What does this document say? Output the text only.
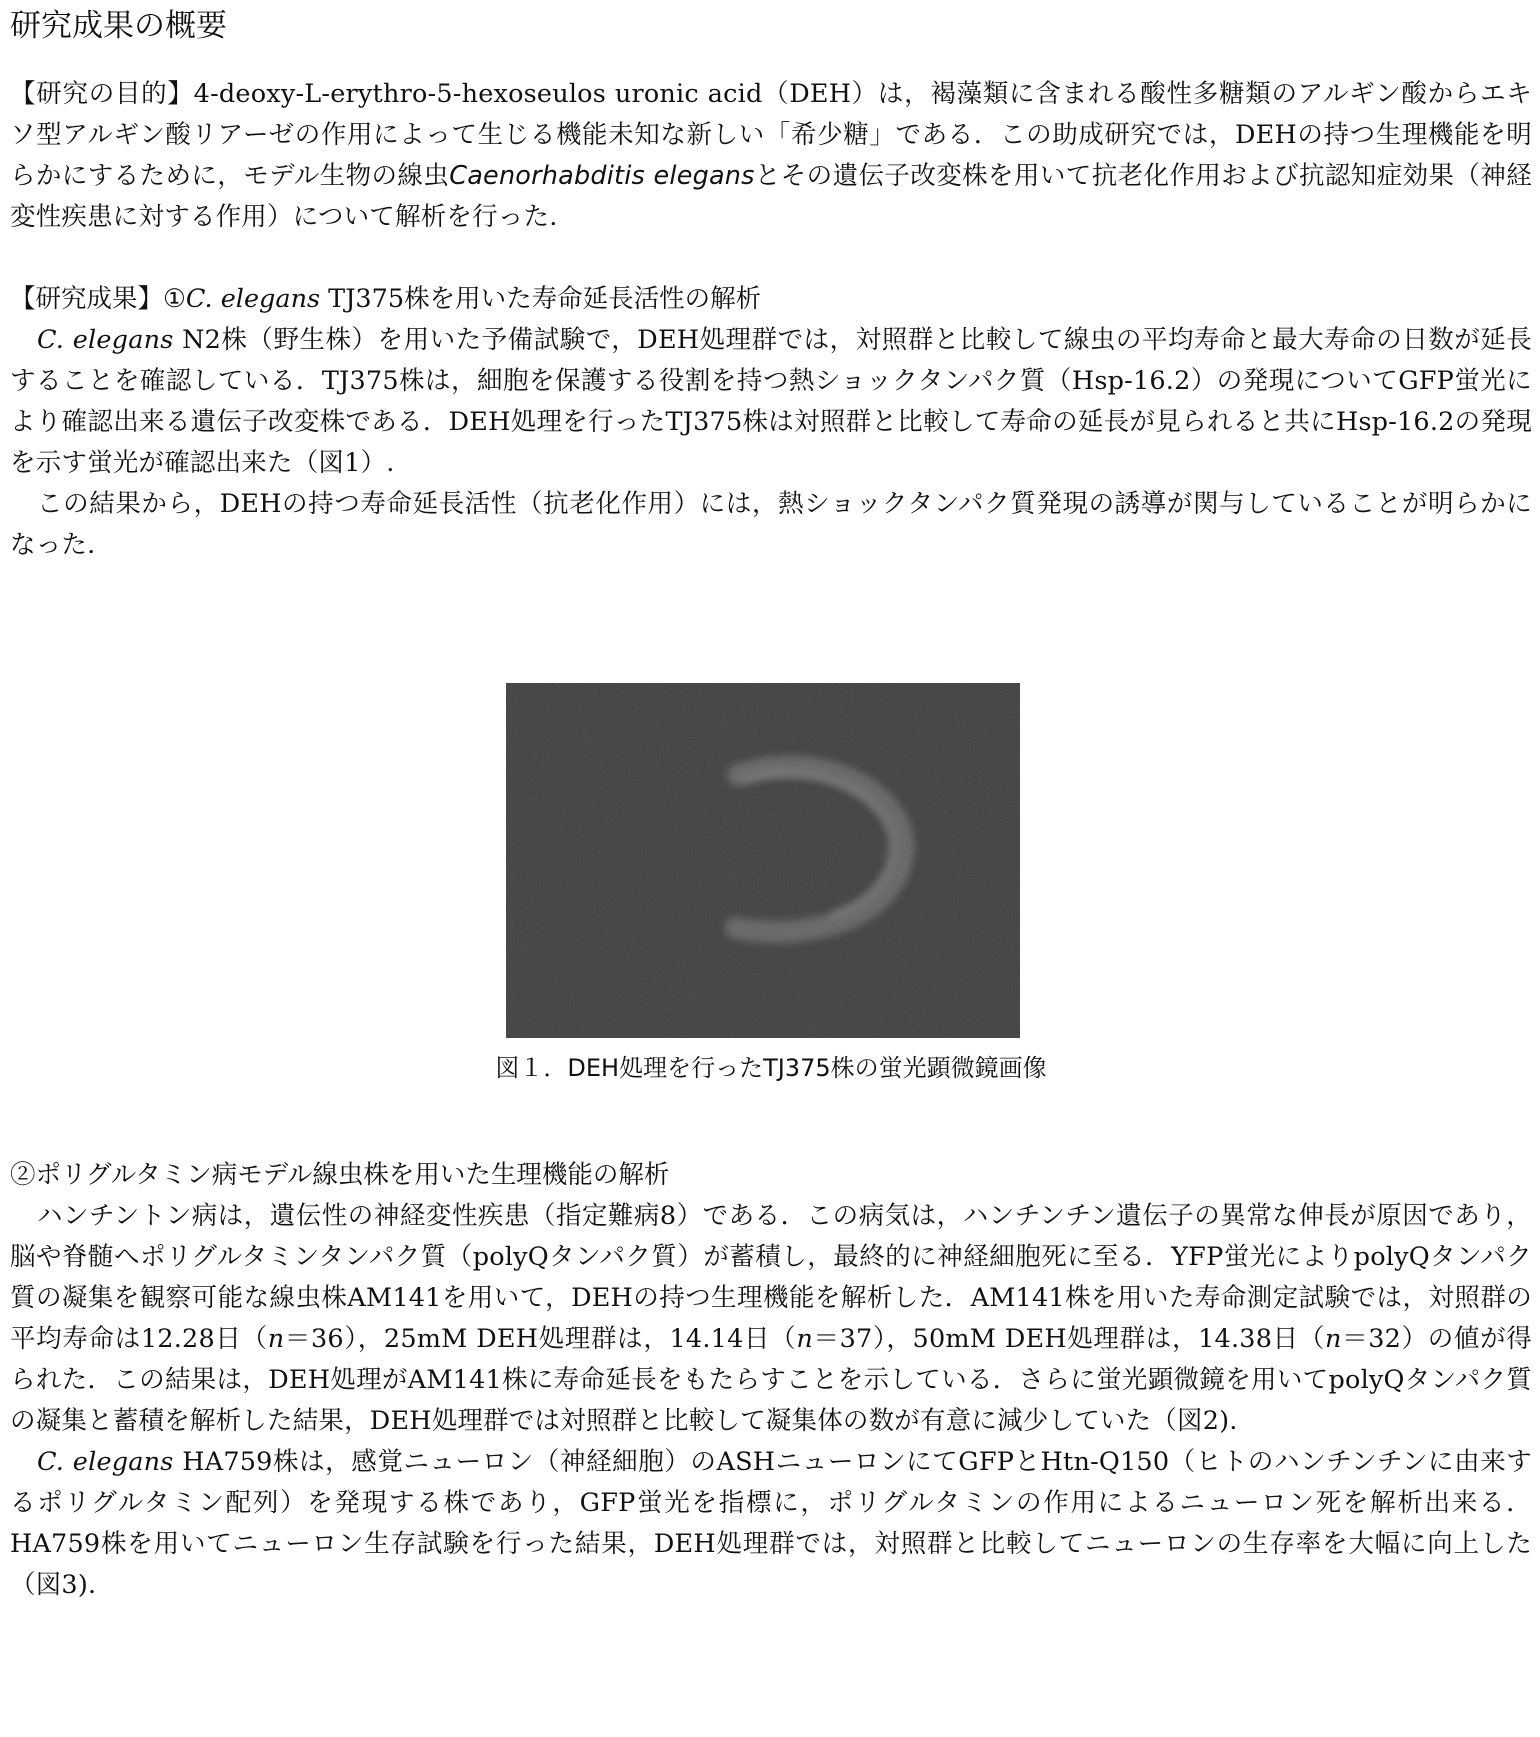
研究成果の概要

【研究の目的】4-deoxy-L-erythro-5-hexoseulos uronic acid（DEH）は，褐藻類に含まれる酸性多糖類のアルギン酸からエキソ型アルギン酸リアーゼの作用によって生じる機能未知な新しい「希少糖」である．この助成研究では，DEHの持つ生理機能を明らかにするために，モデル生物の線虫Caenorhabditis elegansとその遺伝子改変株を用いて抗老化作用および抗認知症効果（神経変性疾患に対する作用）について解析を行った.

【研究成果】①C. elegans TJ375株を用いた寿命延長活性の解析

C. elegans N2株（野生株）を用いた予備試験で，DEH処理群では，対照群と比較して線虫の平均寿命と最大寿命の日数が延長することを確認している．TJ375株は，細胞を保護する役割を持つ熱ショックタンパク質（Hsp-16.2）の発現についてGFP蛍光により確認出来る遺伝子改変株である．DEH処理を行ったTJ375株は対照群と比較して寿命の延長が見られると共にHsp-16.2の発現を示す蛍光が確認出来た（図1）.

この結果から，DEHの持つ寿命延長活性（抗老化作用）には，熱ショックタンパク質発現の誘導が関与していることが明らかになった.

②ポリグルタミン病モデル線虫株を用いた生理機能の解析

ハンチントン病は，遺伝性の神経変性疾患（指定難病8）である．この病気は，ハンチンチン遺伝子の異常な伸長が原因であり，脳や脊髄へポリグルタミンタンパク質（polyQタンパク質）が蓄積し，最終的に神経細胞死に至る．YFP蛍光によりpolyQタンパク質の凝集を観察可能な線虫株AM141を用いて，DEHの持つ生理機能を解析した．AM141株を用いた寿命測定試験では，対照群の平均寿命は12.28日（n＝36），25mM DEH処理群は，14.14日（n＝37），50mM DEH処理群は，14.38日（n＝32）の値が得られた．この結果は，DEH処理がAM141株に寿命延長をもたらすことを示している．さらに蛍光顕微鏡を用いてpolyQタンパク質の凝集と蓄積を解析した結果，DEH処理群では対照群と比較して凝集体の数が有意に減少していた（図2).

C. elegans HA759株は，感覚ニューロン（神経細胞）のASHニューロンにてGFPとHtn-Q150（ヒトのハンチンチンに由来するポリグルタミン配列）を発現する株であり，GFP蛍光を指標に，ポリグルタミンの作用によるニューロン死を解析出来る．HA759株を用いてニューロン生存試験を行った結果，DEH処理群では，対照群と比較してニューロンの生存率を大幅に向上した（図3).

図１．DEH処理を行ったTJ375株の蛍光顕微鏡画像
